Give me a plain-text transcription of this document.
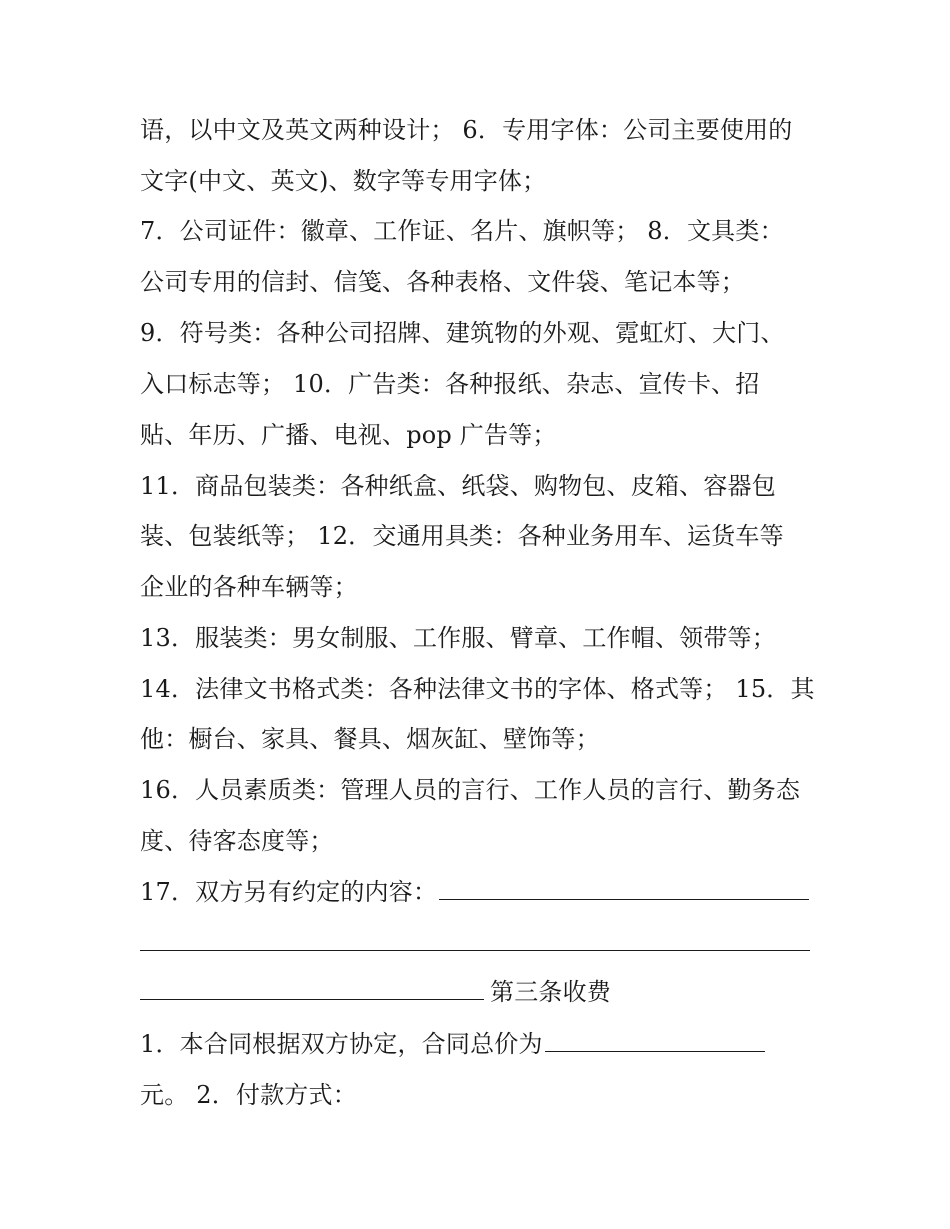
语，以中文及英文两种设计； 6．专用字体：公司主要使用的
文字(中文、英文)、数字等专用字体；
7．公司证件：徽章、工作证、名片、旗帜等； 8．文具类：
公司专用的信封、信笺、各种表格、文件袋、笔记本等；
9．符号类：各种公司招牌、建筑物的外观、霓虹灯、大门、
入口标志等； 10．广告类：各种报纸、杂志、宣传卡、招
贴、年历、广播、电视、pop 广告等；
11．商品包装类：各种纸盒、纸袋、购物包、皮箱、容器包
装、包装纸等； 12．交通用具类：各种业务用车、运货车等
企业的各种车辆等；
13．服装类：男女制服、工作服、臂章、工作帽、领带等；
14．法律文书格式类：各种法律文书的字体、格式等； 15．其
他：橱台、家具、餐具、烟灰缸、壁饰等；
16．人员素质类：管理人员的言行、工作人员的言行、勤务态
度、待客态度等；
17．双方另有约定的内容：
第三条收费
1．本合同根据双方协定，合同总价为
元。 2．付款方式：
